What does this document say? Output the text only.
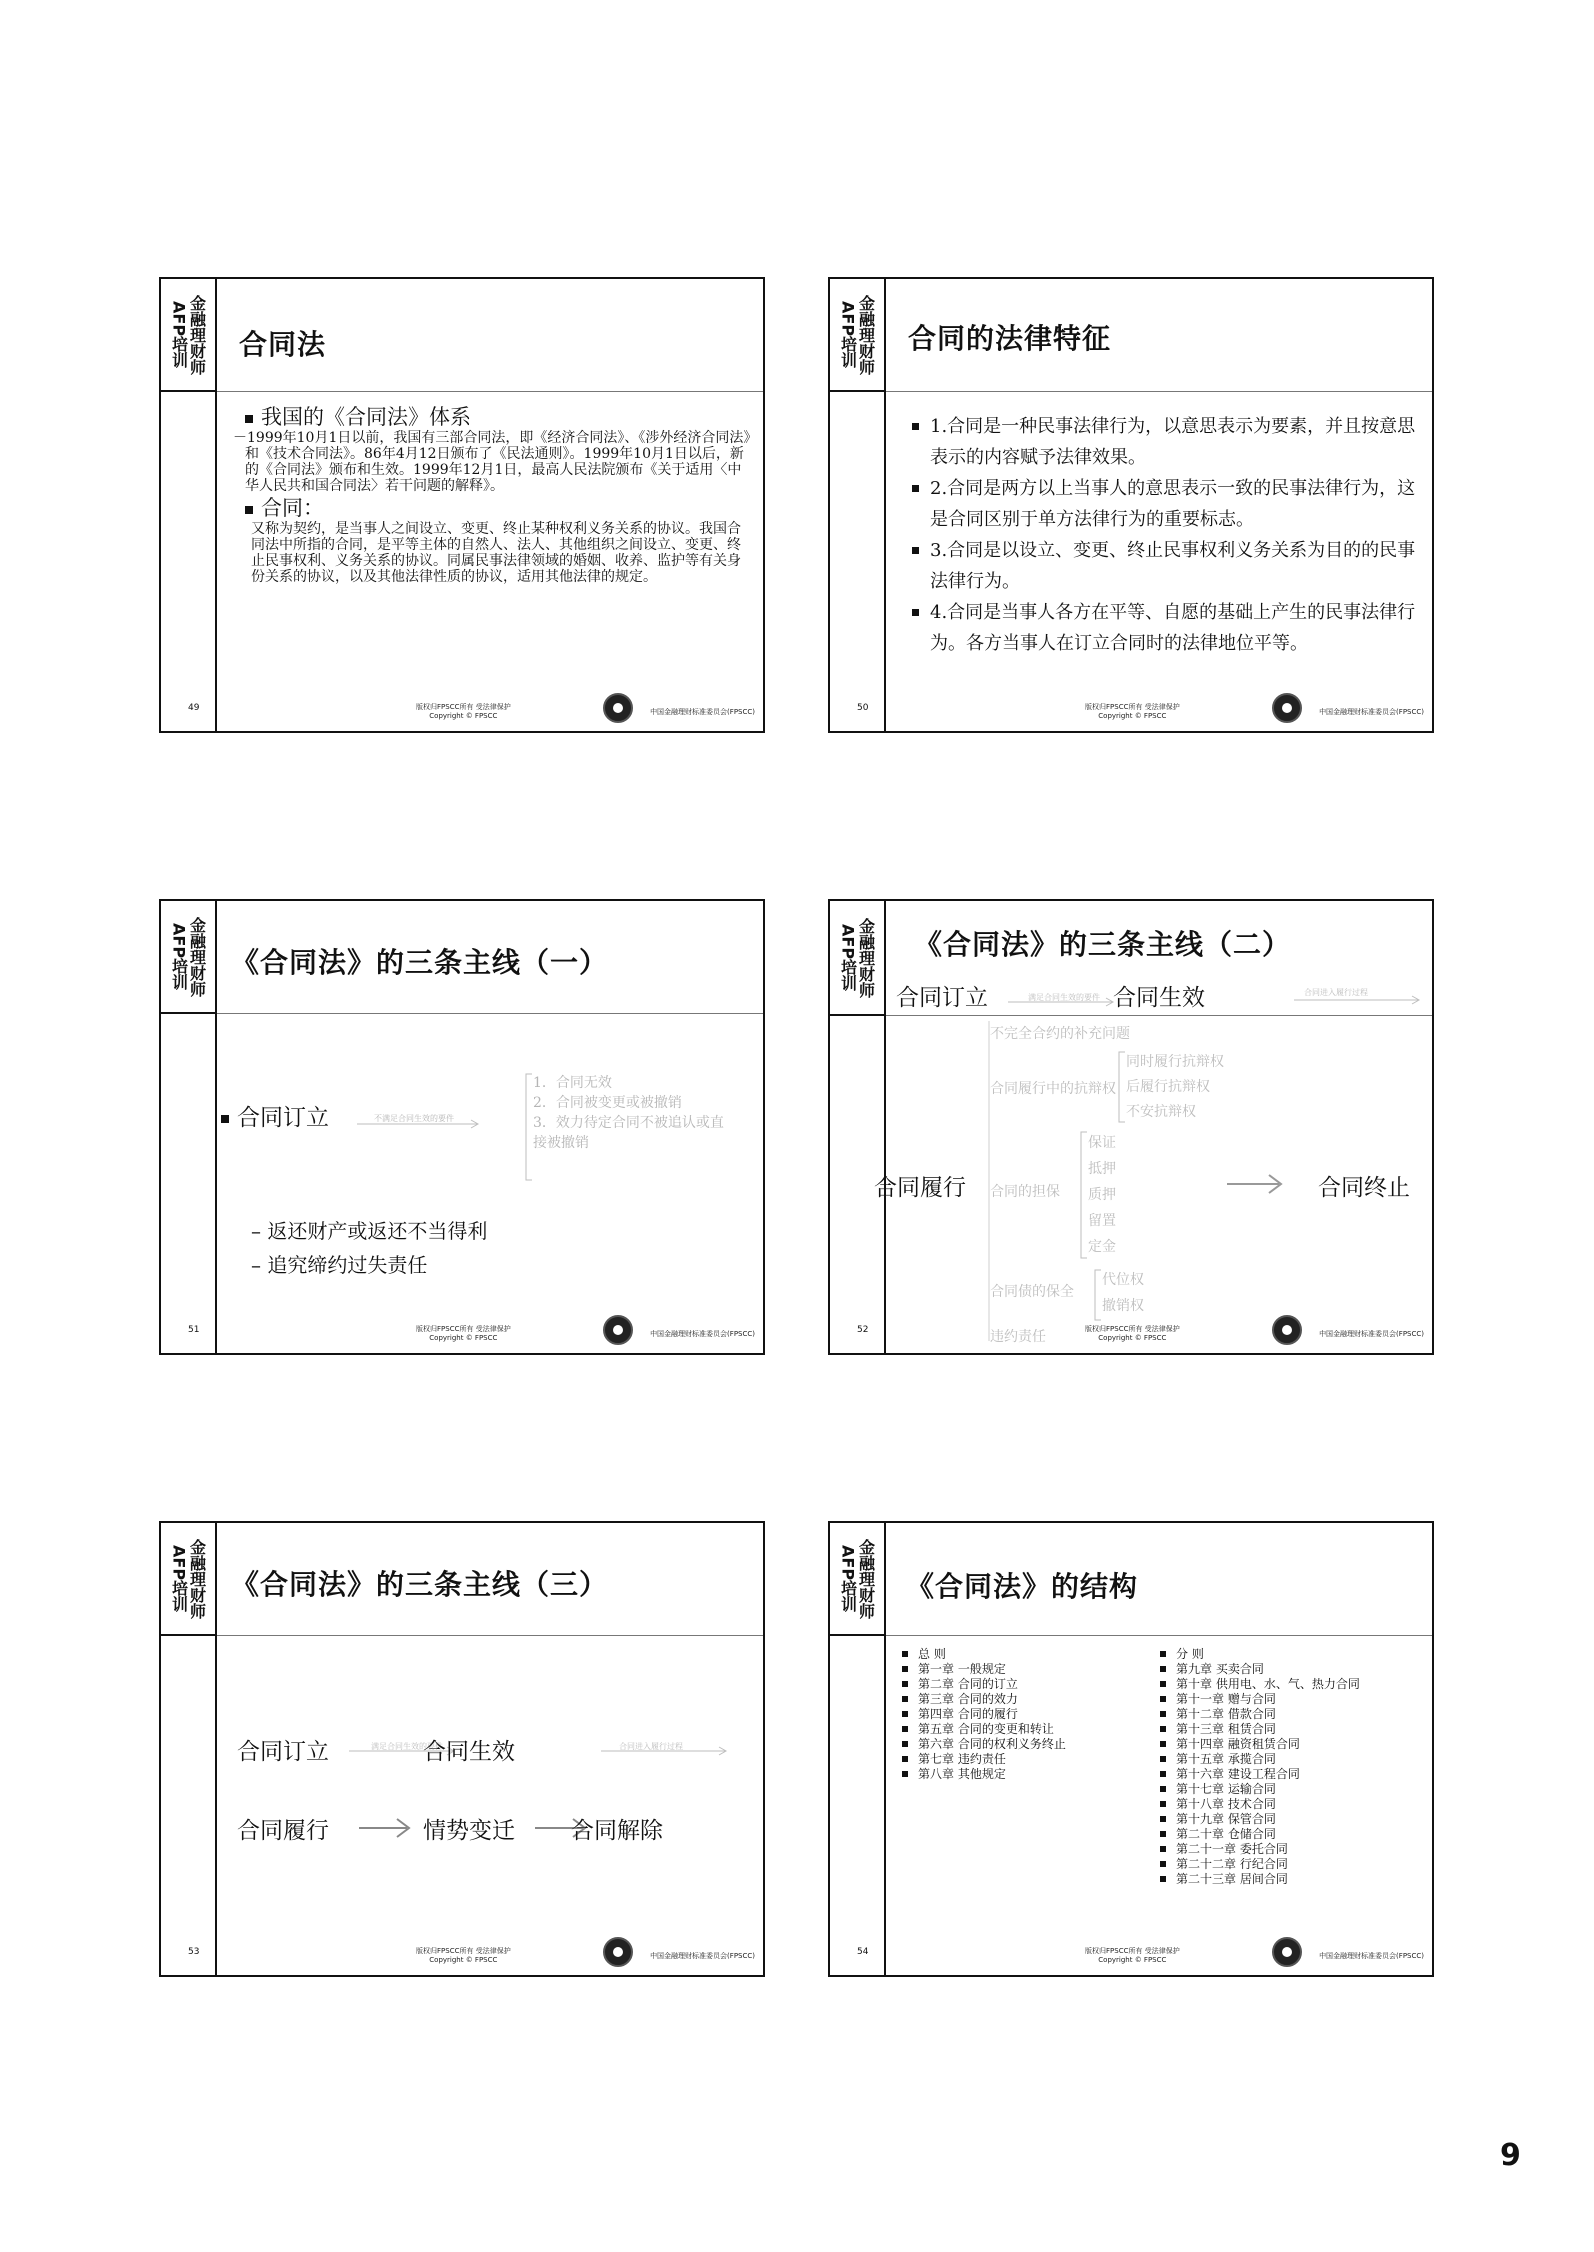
AFP培训 金融理财师
49
合同法
我国的《合同法》体系
－1999年10月1日以前，我国有三部合同法，即《经济合同法》、《涉外经济合同法》和《技术合同法》。86年4月12日颁布了《民法通则》。1999年10月1日以后，新的《合同法》颁布和生效。1999年12月1日，最高人民法院颁布《关于适用〈中华人民共和国合同法〉若干问题的解释》。
合同：
又称为契约，是当事人之间设立、变更、终止某种权利义务关系的协议。我国合同法中所指的合同，是平等主体的自然人、法人、其他组织之间设立、变更、终止民事权利、义务关系的协议。同属民事法律领域的婚姻、收养、监护等有关身份关系的协议，以及其他法律性质的协议，适用其他法律的规定。
版权归FPSCC所有 受法律保护
Copyright © FPSCC	中国金融理财标准委员会(FPSCC)
AFP培训 金融理财师
50
合同的法律特征
1.合同是一种民事法律行为，以意思表示为要素，并且按意思表示的内容赋予法律效果。
2.合同是两方以上当事人的意思表示一致的民事法律行为，这是合同区别于单方法律行为的重要标志。
3.合同是以设立、变更、终止民事权利义务关系为目的的民事法律行为。
4.合同是当事人各方在平等、自愿的基础上产生的民事法律行为。各方当事人在订立合同时的法律地位平等。
版权归FPSCC所有 受法律保护
Copyright © FPSCC	中国金融理财标准委员会(FPSCC)
AFP培训 金融理财师
51
《合同法》的三条主线（一）
合同订立	不满足合同生效的要件
1．合同无效
2．合同被变更或被撤销
3．效力待定合同不被追认或直接被撤销
– 返还财产或返还不当得利
– 追究缔约过失责任
版权归FPSCC所有 受法律保护
Copyright © FPSCC	中国金融理财标准委员会(FPSCC)
AFP培训 金融理财师
52
《合同法》的三条主线（二）
合同订立	满足合同生效的要件 合同生效	合同进入履行过程
不完全合约的补充问题
合同履行中的抗辩权
同时履行抗辩权
后履行抗辩权
不安抗辩权
合同履行 合同的担保
保证
抵押
质押
留置
定金
合同终止
合同债的保全
代位权
撤销权
违约责任	版权归FPSCC所有 受法律保护
Copyright © FPSCC	中国金融理财标准委员会(FPSCC)
AFP培训 金融理财师
53
《合同法》的三条主线（三）
合同订立	满足合同生效的要件
合同生效	合同进入履行过程
合同履行	情势变迁 合同解除
版权归FPSCC所有 受法律保护
Copyright © FPSCC	中国金融理财标准委员会(FPSCC)
AFP培训 金融理财师
54
《合同法》的结构
总 则
第一章 一般规定
第二章 合同的订立
第三章 合同的效力
第四章 合同的履行
第五章 合同的变更和转让
第六章 合同的权利义务终止
第七章 违约责任
第八章 其他规定
分 则
第九章 买卖合同
第十章 供用电、水、气、热力合同
第十一章 赠与合同
第十二章 借款合同
第十三章 租赁合同
第十四章 融资租赁合同
第十五章 承揽合同
第十六章 建设工程合同
第十七章 运输合同
第十八章 技术合同
第十九章 保管合同
第二十章 仓储合同
第二十一章 委托合同
第二十二章 行纪合同
第二十三章 居间合同
版权归FPSCC所有 受法律保护
Copyright © FPSCC	中国金融理财标准委员会(FPSCC)
9
